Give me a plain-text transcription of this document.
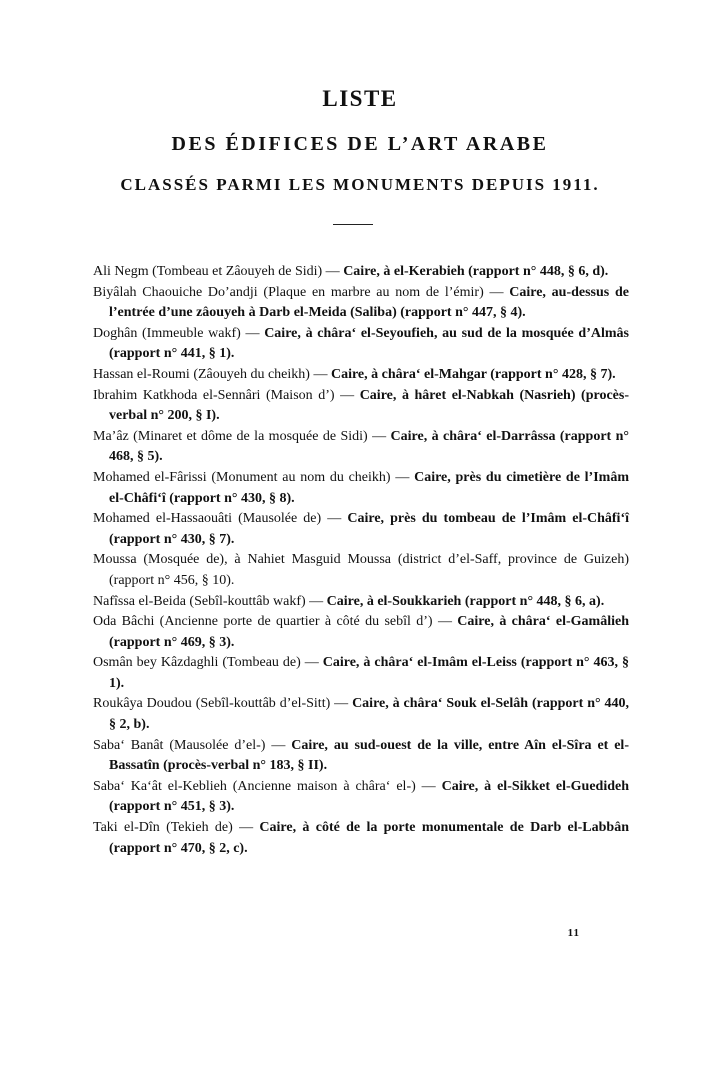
LISTE
DES ÉDIFICES DE L’ART ARABE
CLASSÉS PARMI LES MONUMENTS DEPUIS 1911.

Ali Negm (Tombeau et Zâouyeh de Sidi) — Caire, à el-Kerabieh (rapport n° 448, § 6, d).

Biyâlah Chaouiche Do’andji (Plaque en marbre au nom de l’émir) — Caire, au-dessus de l’entrée d’une zâouyeh à Darb el-Meida (Saliba) (rapport n° 447, § 4).

Doghân (Immeuble wakf) — Caire, à châra‘ el-Seyoufieh, au sud de la mosquée d’Almâs (rapport n° 441, § 1).

Hassan el-Roumi (Zâouyeh du cheikh) — Caire, à châra‘ el-Mahgar (rapport n° 428, § 7).

Ibrahim Katkhoda el-Sennâri (Maison d’) — Caire, à hâret el-Nabkah (Nasrieh) (procès-verbal n° 200, § I).

Ma’âz (Minaret et dôme de la mosquée de Sidi) — Caire, à châra‘ el-Darrâssa (rapport n° 468, § 5).

Mohamed el-Fârissi (Monument au nom du cheikh) — Caire, près du cimetière de l’Imâm el-Châfi‘î (rapport n° 430, § 8).

Mohamed el-Hassaouâti (Mausolée de) — Caire, près du tombeau de l’Imâm el-Châfi‘î (rapport n° 430, § 7).

Moussa (Mosquée de), à Nahiet Masguid Moussa (district d’el-Saff, province de Guizeh) (rapport n° 456, § 10).

Nafîssa el-Beida (Sebîl-kouttâb wakf) — Caire, à el-Soukkarieh (rapport n° 448, § 6, a).

Oda Bâchi (Ancienne porte de quartier à côté du sebîl d’) — Caire, à châra‘ el-Gamâlieh (rapport n° 469, § 3).

Osmân bey Kâzdaghli (Tombeau de) — Caire, à châra‘ el-Imâm el-Leiss (rapport n° 463, § 1).

Roukâya Doudou (Sebîl-kouttâb d’el-Sitt) — Caire, à châra‘ Souk el-Selâh (rapport n° 440, § 2, b).

Saba‘ Banât (Mausolée d’el-) — Caire, au sud-ouest de la ville, entre Aîn el-Sîra et el-Bassatîn (procès-verbal n° 183, § II).

Saba‘ Ka‘ât el-Keblieh (Ancienne maison à châra‘ el-) — Caire, à el-Sikket el-Guedideh (rapport n° 451, § 3).

Taki el-Dîn (Tekieh de) — Caire, à côté de la porte monumentale de Darb el-Labbân (rapport n° 470, § 2, c).

11
